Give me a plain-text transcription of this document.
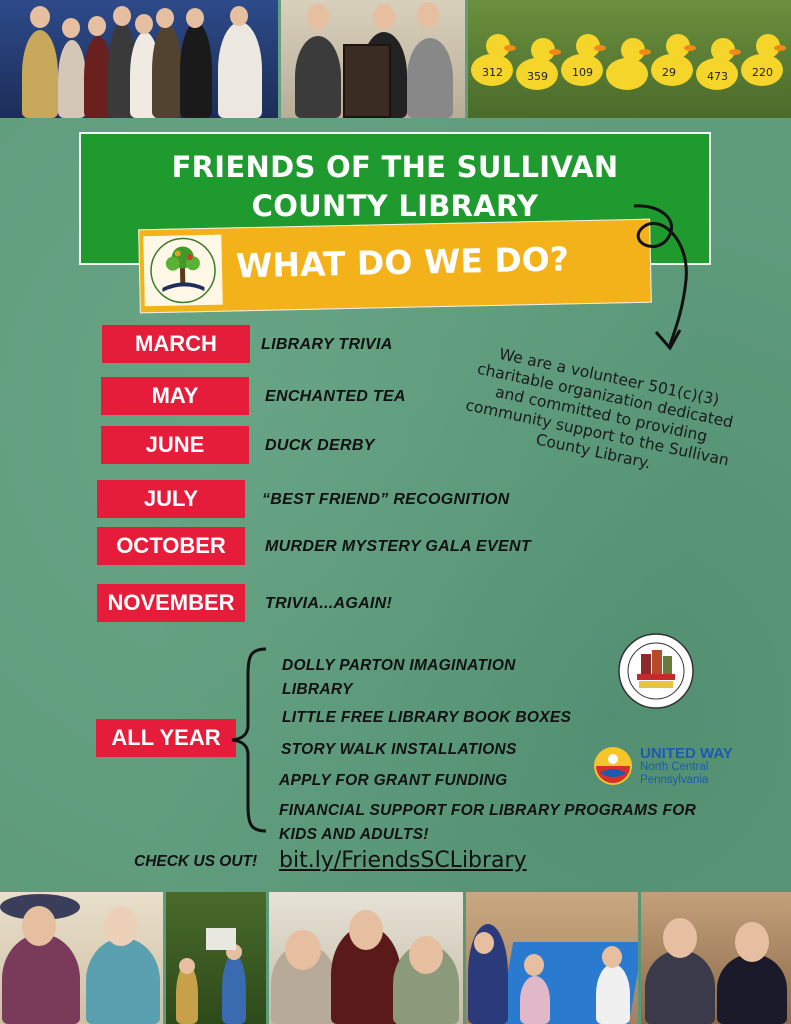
312 359 109	29	473 220
FRIENDS OF THE SULLIVAN
COUNTY LIBRARY
WHAT DO WE DO?
MARCH	LIBRARY TRIVIA
MAY	ENCHANTED TEA
JUNE	DUCK DERBY
JULY	“BEST FRIEND” RECOGNITION
OCTOBER	MURDER MYSTERY GALA EVENT
NOVEMBER	TRIVIA...AGAIN!
We are a volunteer 501(c)(3) charitable organization dedicated and committed to providing community support to the Sullivan County Library.
ALL YEAR
DOLLY PARTON IMAGINATION LIBRARY
LITTLE FREE LIBRARY BOOK BOXES
STORY WALK INSTALLATIONS
APPLY FOR GRANT FUNDING
FINANCIAL SUPPORT FOR LIBRARY PROGRAMS FOR KIDS AND ADULTS!
UNITED WAY
North Central
Pennsylvania
CHECK US OUT! bit.ly/FriendsSCLibrary
